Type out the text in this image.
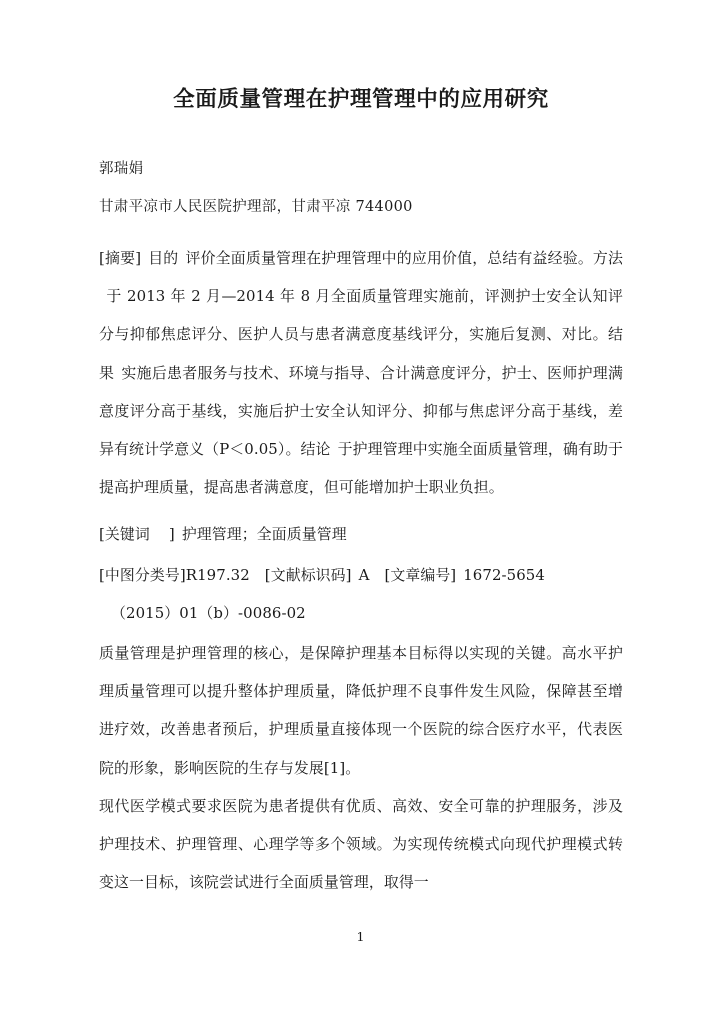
全面质量管理在护理管理中的应用研究
郭瑞娟
甘肃平凉市人民医院护理部，甘肃平凉 744000
[摘要] 目的 评价全面质量管理在护理管理中的应用价值，总结有益经验。方法于 2013 年 2 月—2014 年 8 月全面质量管理实施前，评测护士安全认知评分与抑郁焦虑评分、医护人员与患者满意度基线评分，实施后复测、对比。结果 实施后患者服务与技术、环境与指导、合计满意度评分，护士、医师护理满意度评分高于基线，实施后护士安全认知评分、抑郁与焦虑评分高于基线，差异有统计学意义（P＜0.05）。结论 于护理管理中实施全面质量管理，确有助于提高护理质量，提高患者满意度，但可能增加护士职业负担。
[关键词 ] 护理管理；全面质量管理
[中图分类号]R197.32 [文献标识码] A [文章编号] 1672-5654
（2015）01（b）-0086-02

质量管理是护理管理的核心，是保障护理基本目标得以实现的关键。高水平护理质量管理可以提升整体护理质量，降低护理不良事件发生风险，保障甚至增进疗效，改善患者预后，护理质量直接体现一个医院的综合医疗水平，代表医院的形象，影响医院的生存与发展[1]。

现代医学模式要求医院为患者提供有优质、高效、安全可靠的护理服务，涉及护理技术、护理管理、心理学等多个领域。为实现传统模式向现代护理模式转变这一目标，该院尝试进行全面质量管理，取得一

1
